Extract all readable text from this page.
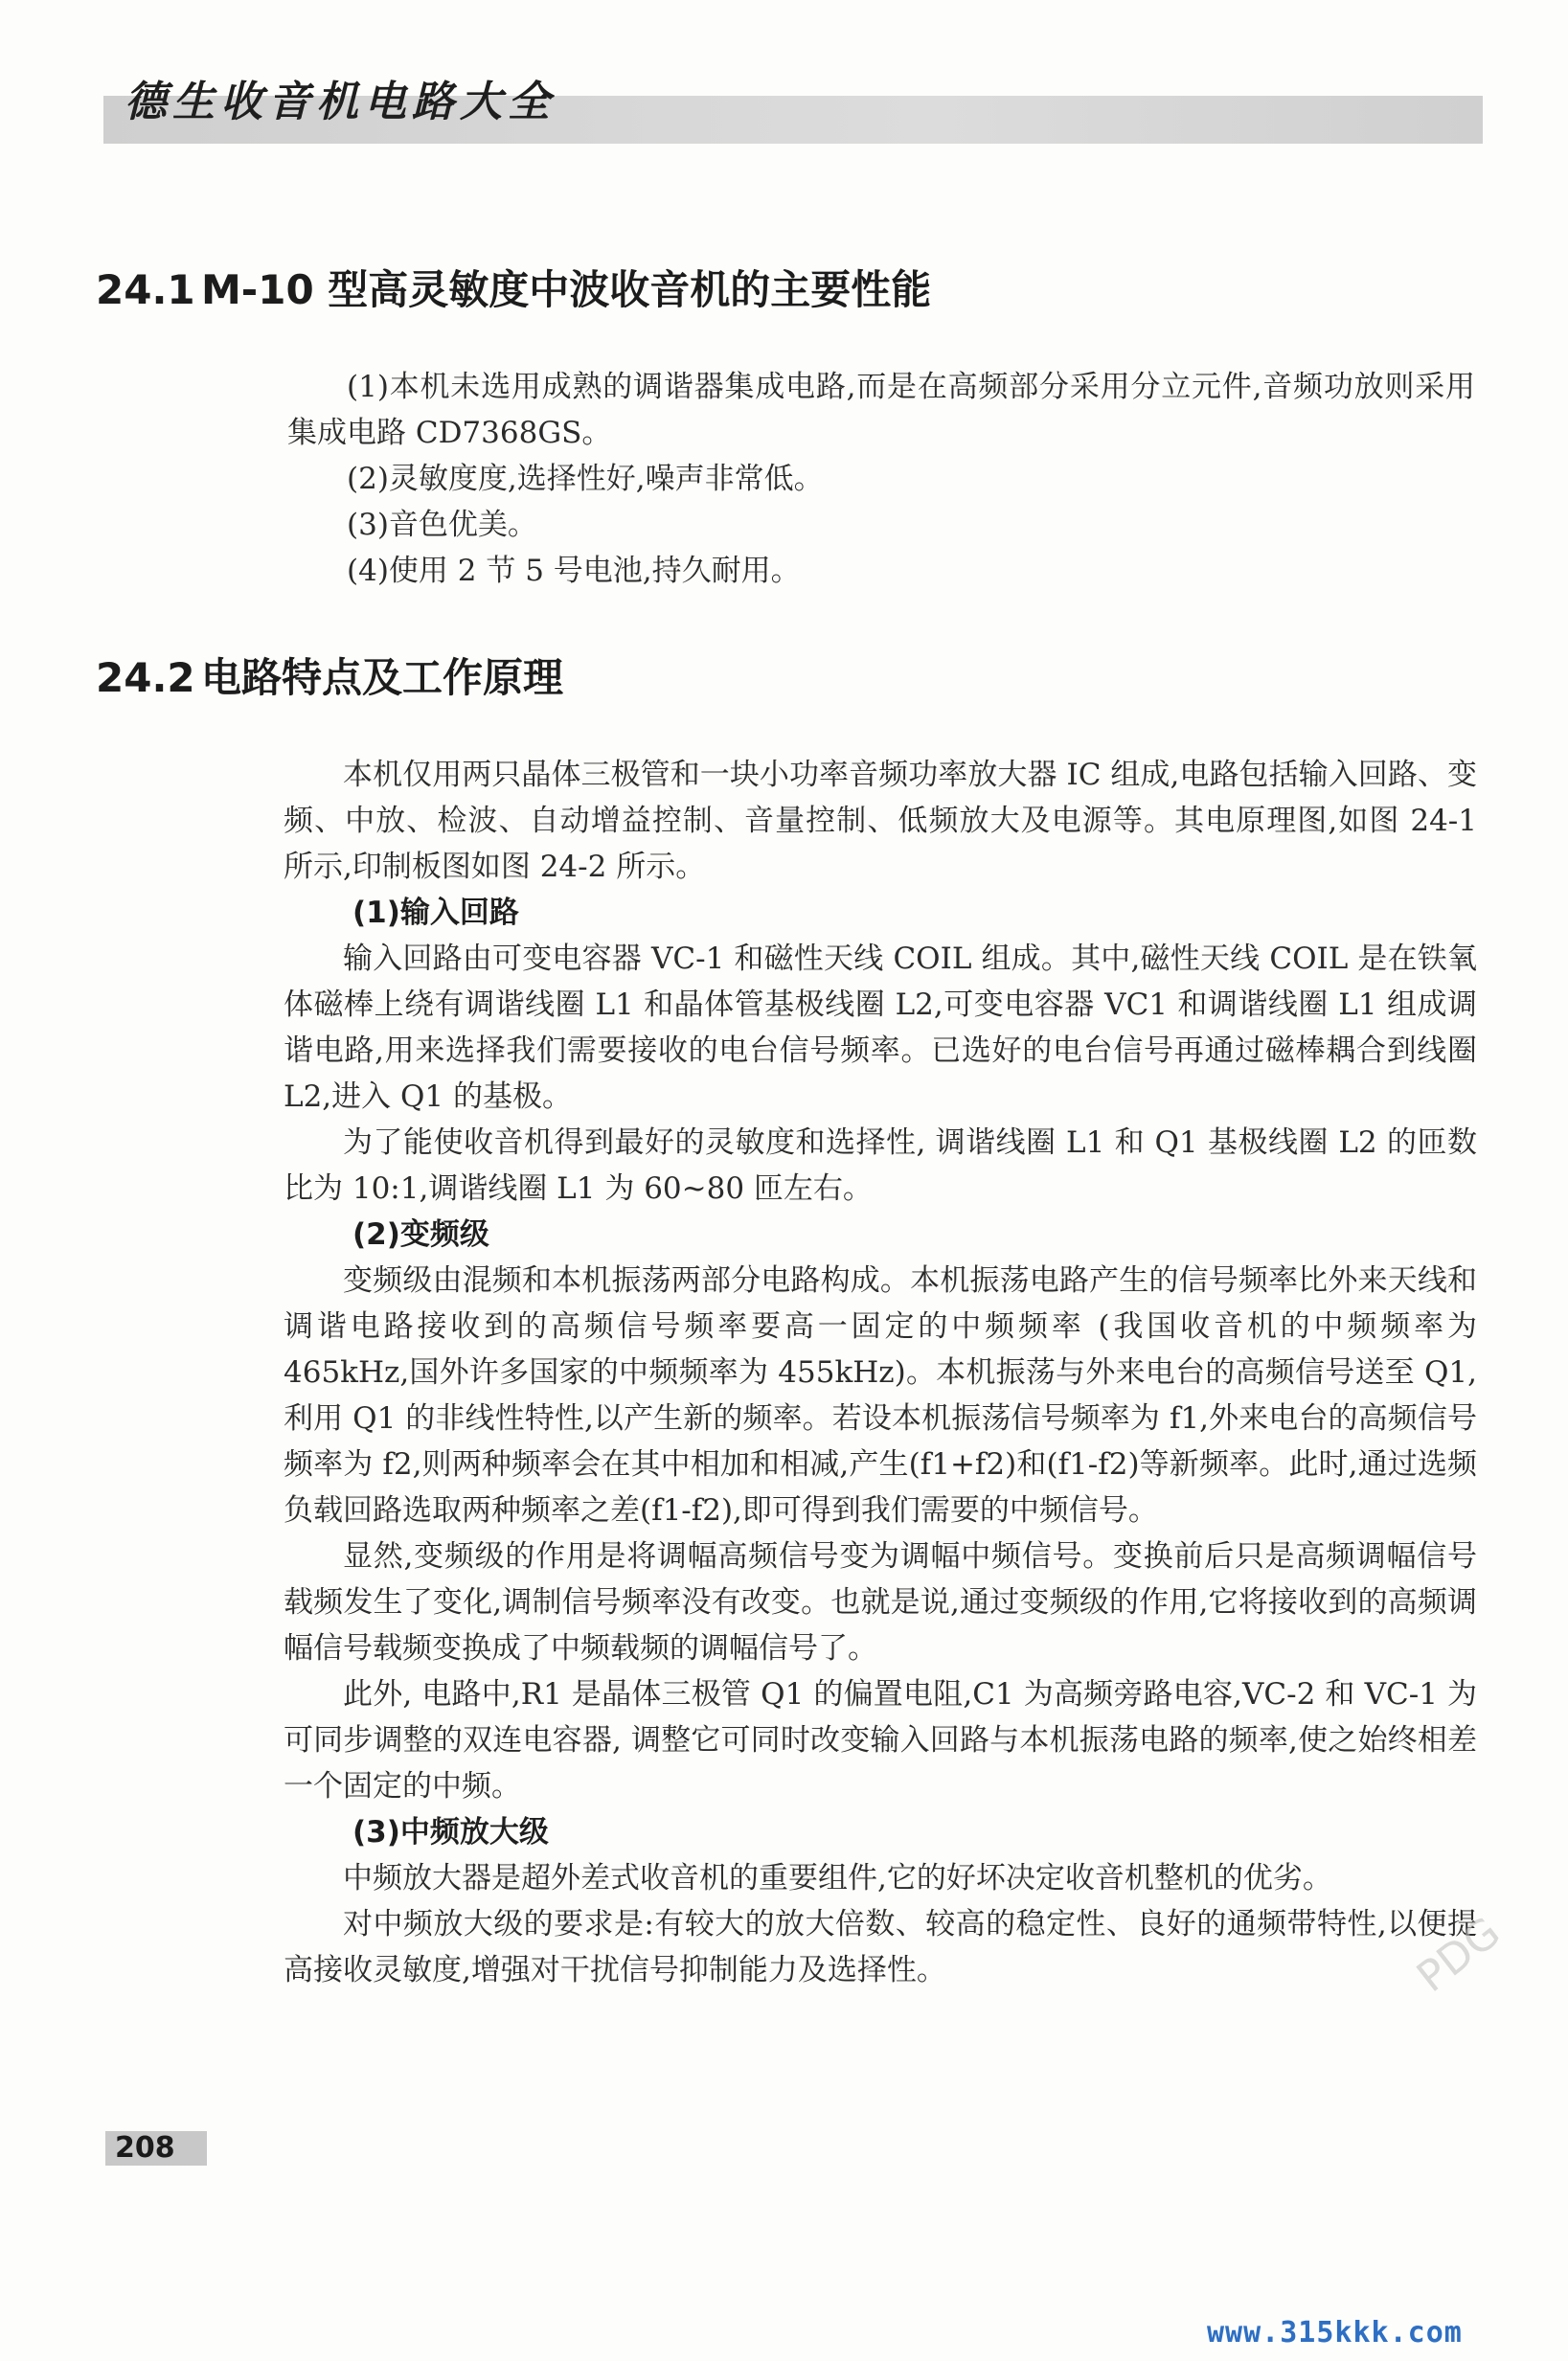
德生收音机电路大全
24.1 M-10 型高灵敏度中波收音机的主要性能

(1)本机未选用成熟的调谐器集成电路,而是在高频部分采用分立元件,音频功放则采用集成电路 CD7368GS。

(2)灵敏度度,选择性好,噪声非常低。

(3)音色优美。

(4)使用 2 节 5 号电池,持久耐用。

24.2 电路特点及工作原理

本机仅用两只晶体三极管和一块小功率音频功率放大器 IC 组成,电路包括输入回路、变频、中放、检波、自动增益控制、音量控制、低频放大及电源等。其电原理图,如图 24-1 所示,印制板图如图 24-2 所示。

(1)输入回路

输入回路由可变电容器 VC-1 和磁性天线 COIL 组成。其中,磁性天线 COIL 是在铁氧体磁棒上绕有调谐线圈 L1 和晶体管基极线圈 L2,可变电容器 VC1 和调谐线圈 L1 组成调谐电路,用来选择我们需要接收的电台信号频率。已选好的电台信号再通过磁棒耦合到线圈 L2,进入 Q1 的基极。

为了能使收音机得到最好的灵敏度和选择性, 调谐线圈 L1 和 Q1 基极线圈 L2 的匝数比为 10:1,调谐线圈 L1 为 60~80 匝左右。

(2)变频级

变频级由混频和本机振荡两部分电路构成。本机振荡电路产生的信号频率比外来天线和调谐电路接收到的高频信号频率要高一固定的中频频率 (我国收音机的中频频率为 465kHz,国外许多国家的中频频率为 455kHz)。本机振荡与外来电台的高频信号送至 Q1,利用 Q1 的非线性特性,以产生新的频率。若设本机振荡信号频率为 f1,外来电台的高频信号频率为 f2,则两种频率会在其中相加和相减,产生(f1+f2)和(f1-f2)等新频率。此时,通过选频负载回路选取两种频率之差(f1-f2),即可得到我们需要的中频信号。

显然,变频级的作用是将调幅高频信号变为调幅中频信号。变换前后只是高频调幅信号载频发生了变化,调制信号频率没有改变。也就是说,通过变频级的作用,它将接收到的高频调幅信号载频变换成了中频载频的调幅信号了。

此外, 电路中,R1 是晶体三极管 Q1 的偏置电阻,C1 为高频旁路电容,VC-2 和 VC-1 为可同步调整的双连电容器, 调整它可同时改变输入回路与本机振荡电路的频率,使之始终相差一个固定的中频。

(3)中频放大级

中频放大器是超外差式收音机的重要组件,它的好坏决定收音机整机的优劣。

对中频放大级的要求是:有较大的放大倍数、较高的稳定性、良好的通频带特性,以便提高接收灵敏度,增强对干扰信号抑制能力及选择性。

208
PDG
www.315kkk.com
